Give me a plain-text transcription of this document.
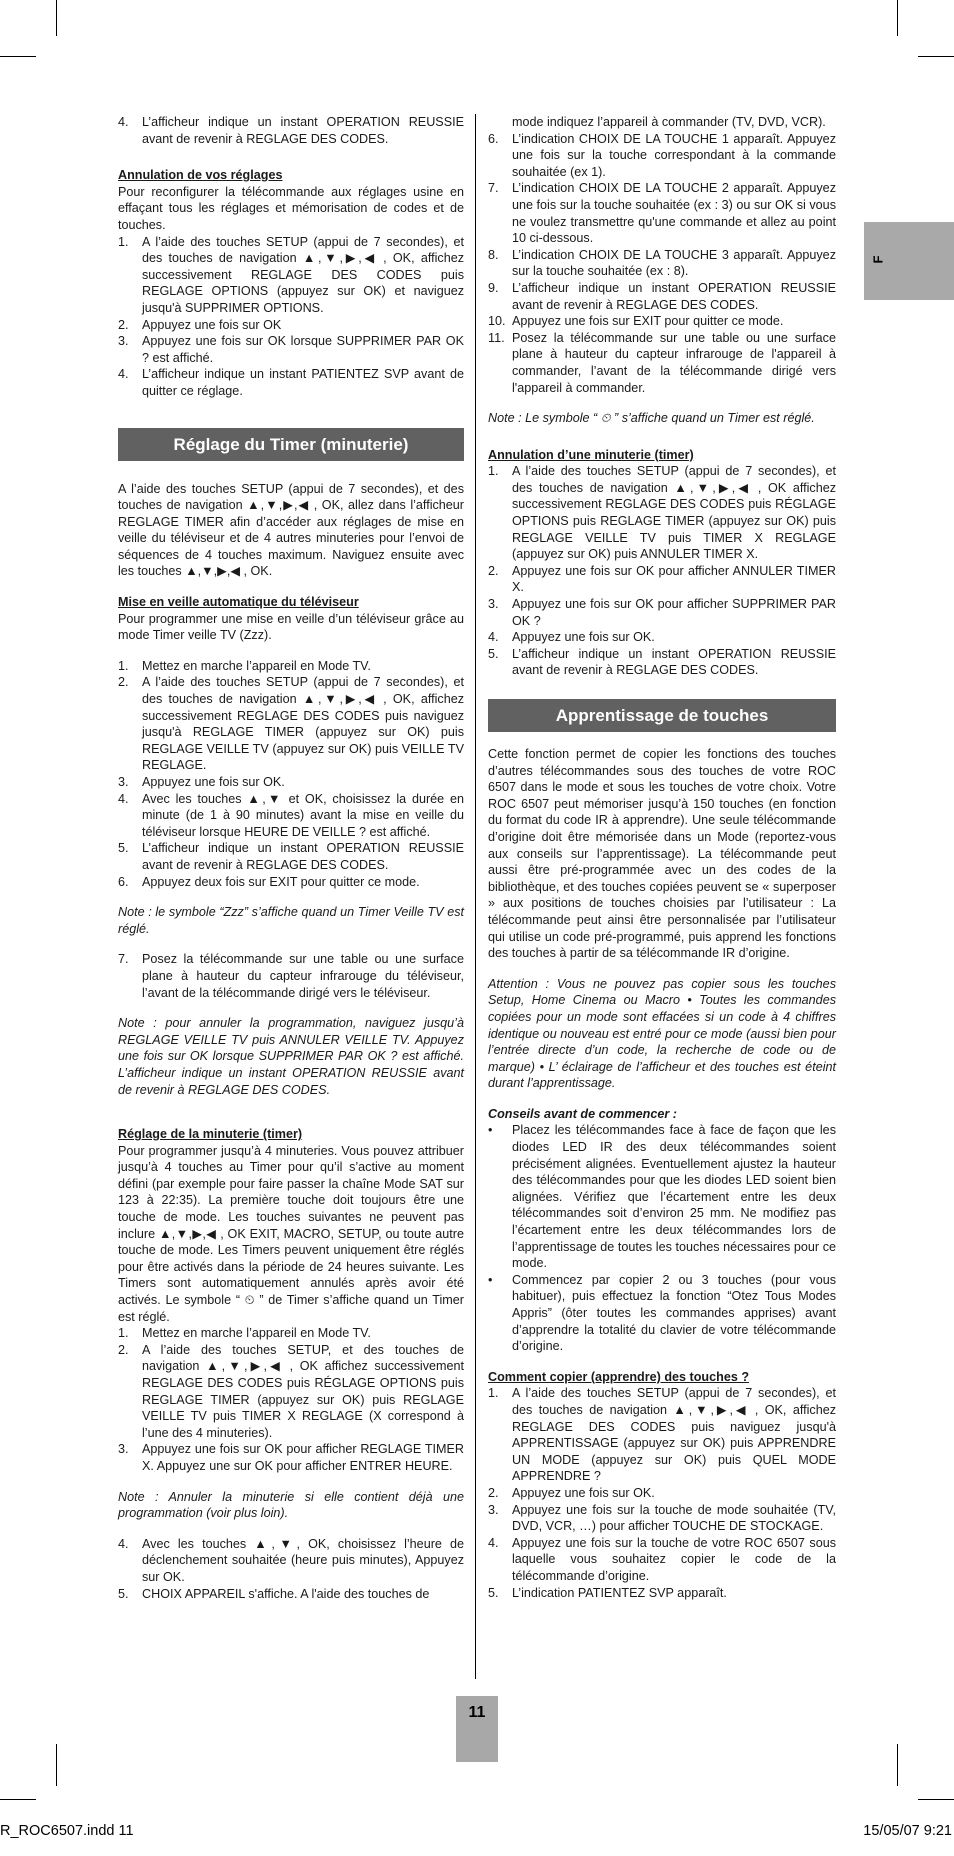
F
4. L’afficheur indique un instant OPERATION REUSSIE avant de revenir à REGLAGE DES CODES.

Annulation de vos réglages

Pour reconfigurer la télécommande aux réglages usine en effaçant tous les réglages et mémorisation de codes et de touches.

1. A l’aide des touches SETUP (appui de 7 secondes), et des touches de navigation ▲,▼,▶,◀ , OK, affichez successivement REGLAGE DES CODES puis REGLAGE OPTIONS (appuyez sur OK) et naviguez jusqu'à SUPPRIMER OPTIONS.
2. Appuyez une fois sur OK
3. Appuyez une fois sur OK lorsque SUPPRIMER PAR OK ? est affiché.
4. L’afficheur indique un instant PATIENTEZ SVP avant de quitter ce réglage.

Réglage du Timer (minuterie)

A l’aide des touches SETUP (appui de 7 secondes), et des touches de navigation ▲,▼,▶,◀ , OK, allez dans l’afficheur REGLAGE TIMER afin d’accéder aux réglages de mise en veille du téléviseur et de 4 autres minuteries pour l’envoi de séquences de 4 touches maximum. Naviguez ensuite avec les touches ▲,▼,▶,◀ , OK.

Mise en veille automatique du téléviseur

Pour programmer une mise en veille d’un téléviseur grâce au mode Timer veille TV (Zzz).

1. Mettez en marche l’appareil en Mode TV.
2. A l’aide des touches SETUP (appui de 7 secondes), et des touches de navigation ▲,▼,▶,◀ , OK, affichez successivement REGLAGE DES CODES puis naviguez jusqu'à REGLAGE TIMER (appuyez sur OK) puis REGLAGE VEILLE TV (appuyez sur OK) puis VEILLE TV REGLAGE.
3. Appuyez une fois sur OK.
4. Avec les touches ▲,▼ et OK, choisissez la durée en minute (de 1 à 90 minutes) avant la mise en veille du téléviseur lorsque HEURE DE VEILLE ? est affiché.
5. L’afficheur indique un instant OPERATION REUSSIE avant de revenir à REGLAGE DES CODES.
6. Appuyez deux fois sur EXIT pour quitter ce mode.

Note : le symbole “Zzz” s’affiche quand un Timer Veille TV est réglé.

7. Posez la télécommande sur une table ou une surface plane à hauteur du capteur infrarouge du téléviseur, l’avant de la télécommande dirigé vers le téléviseur.

Note : pour annuler la programmation, naviguez jusqu’à REGLAGE VEILLE TV puis ANNULER VEILLE TV. Appuyez une fois sur OK lorsque SUPPRIMER PAR OK ? est affiché. L’afficheur indique un instant OPERATION REUSSIE avant de revenir à REGLAGE DES CODES.

Réglage de la minuterie (timer)

Pour programmer jusqu’à 4 minuteries. Vous pouvez attribuer jusqu’à 4 touches au Timer pour qu’il s’active au moment défini (par exemple pour faire passer la chaîne Mode SAT sur 123 à 22:35). La première touche doit toujours être une touche de mode. Les touches suivantes ne peuvent pas inclure ▲,▼,▶,◀ , OK EXIT, MACRO, SETUP, ou toute autre touche de mode. Les Timers peuvent uniquement être réglés pour être activés dans la période de 24 heures suivante. Les Timers sont automatiquement annulés après avoir été activés. Le symbole “ ⏲ ” de Timer s’affiche quand un Timer est réglé.

1. Mettez en marche l’appareil en Mode TV.
2. A l’aide des touches SETUP, et des touches de navigation ▲,▼,▶,◀ , OK affichez successivement REGLAGE DES CODES puis RÉGLAGE OPTIONS puis REGLAGE TIMER (appuyez sur OK) puis REGLAGE VEILLE TV puis TIMER X REGLAGE (X correspond à l’une des 4 minuteries).
3. Appuyez une fois sur OK pour afficher REGLAGE TIMER X. Appuyez une sur OK pour afficher ENTRER HEURE.

Note : Annuler la minuterie si elle contient déjà une programmation (voir plus loin).

4. Avec les touches ▲,▼, OK, choisissez l’heure de déclenchement souhaitée (heure puis minutes), Appuyez sur OK.
5. CHOIX APPAREIL s'affiche. A l'aide des touches de

mode indiquez l’appareil à commander (TV, DVD, VCR).

6. L’indication CHOIX DE LA TOUCHE 1 apparaît. Appuyez une fois sur la touche correspondant à la commande souhaitée (ex 1).
7. L’indication CHOIX DE LA TOUCHE 2 apparaît. Appuyez une fois sur la touche souhaitée (ex : 3) ou sur OK si vous ne voulez transmettre qu'une commande et allez au point 10 ci-dessous.
8. L’indication CHOIX DE LA TOUCHE 3 apparaît. Appuyez sur la touche souhaitée (ex : 8).
9. L’afficheur indique un instant OPERATION REUSSIE avant de revenir à REGLAGE DES CODES.
10. Appuyez une fois sur EXIT pour quitter ce mode.
11. Posez la télécommande sur une table ou une surface plane à hauteur du capteur infrarouge de l'appareil à commander, l’avant de la télécommande dirigé vers l'appareil à commander.

Note : Le symbole “ ⏲ ” s’affiche quand un Timer est réglé.

Annulation d’une minuterie (timer)

1. A l’aide des touches SETUP (appui de 7 secondes), et des touches de navigation ▲,▼,▶,◀ , OK affichez successivement REGLAGE DES CODES puis RÉGLAGE OPTIONS puis REGLAGE TIMER (appuyez sur OK) puis REGLAGE VEILLE TV puis TIMER X REGLAGE (appuyez sur OK) puis ANNULER TIMER X.
2. Appuyez une fois sur OK pour afficher ANNULER TIMER X.
3. Appuyez une fois sur OK pour afficher SUPPRIMER PAR OK ?
4. Appuyez une fois sur OK.
5. L’afficheur indique un instant OPERATION REUSSIE avant de revenir à REGLAGE DES CODES.

Apprentissage de touches

Cette fonction permet de copier les fonctions des touches d’autres télécommandes sous des touches de votre ROC 6507 dans le mode et sous les touches de votre choix. Votre ROC 6507 peut mémoriser jusqu’à 150 touches (en fonction du format du code IR à apprendre). Une seule télécommande d’origine doit être mémorisée dans un Mode (reportez-vous aux conseils sur l’apprentissage). La télécommande peut aussi être pré-programmée avec un des codes de la bibliothèque, et des touches copiées peuvent se « superposer » aux positions de touches choisies par l’utilisateur : La télécommande peut ainsi être personnalisée par l’utilisateur qui utilise un code pré-programmé, puis apprend les fonctions des touches à partir de sa télécommande IR d’origine.

Attention : Vous ne pouvez pas copier sous les touches Setup, Home Cinema ou Macro • Toutes les commandes copiées pour un mode sont effacées si un code à 4 chiffres identique ou nouveau est entré pour ce mode (aussi bien pour l’entrée directe d’un code, la recherche de code ou de marque) • L’ éclairage de l’afficheur et des touches est éteint durant l’apprentissage.

Conseils avant de commencer :

• Placez les télécommandes face à face de façon que les diodes LED IR des deux télécommandes soient précisément alignées. Eventuellement ajustez la hauteur des télécommandes pour que les diodes LED soient bien alignées. Vérifiez que l’écartement entre les deux télécommandes soit d’environ 25 mm. Ne modifiez pas l’écartement entre les deux télécommandes lors de l’apprentissage de toutes les touches nécessaires pour ce mode.
• Commencez par copier 2 ou 3 touches (pour vous habituer), puis effectuez la fonction “Otez Tous Modes Appris” (ôter toutes les commandes apprises) avant d’apprendre la totalité du clavier de votre télécommande d’origine.

Comment copier (apprendre) des touches ?

1. A l’aide des touches SETUP (appui de 7 secondes), et des touches de navigation ▲,▼,▶,◀ , OK, affichez REGLAGE DES CODES puis naviguez jusqu'à APPRENTISSAGE (appuyez sur OK) puis APPRENDRE UN MODE (appuyez sur OK) puis QUEL MODE APPRENDRE ?
2. Appuyez une fois sur OK.
3. Appuyez une fois sur la touche de mode souhaitée (TV, DVD, VCR, …) pour afficher TOUCHE DE STOCKAGE.
4. Appuyez une fois sur la touche de votre ROC 6507 sous laquelle vous souhaitez copier le code de la télécommande d’origine.
5. L’indication PATIENTEZ SVP apparaît.
11
R_ROC6507.indd 11	15/05/07 9:21
